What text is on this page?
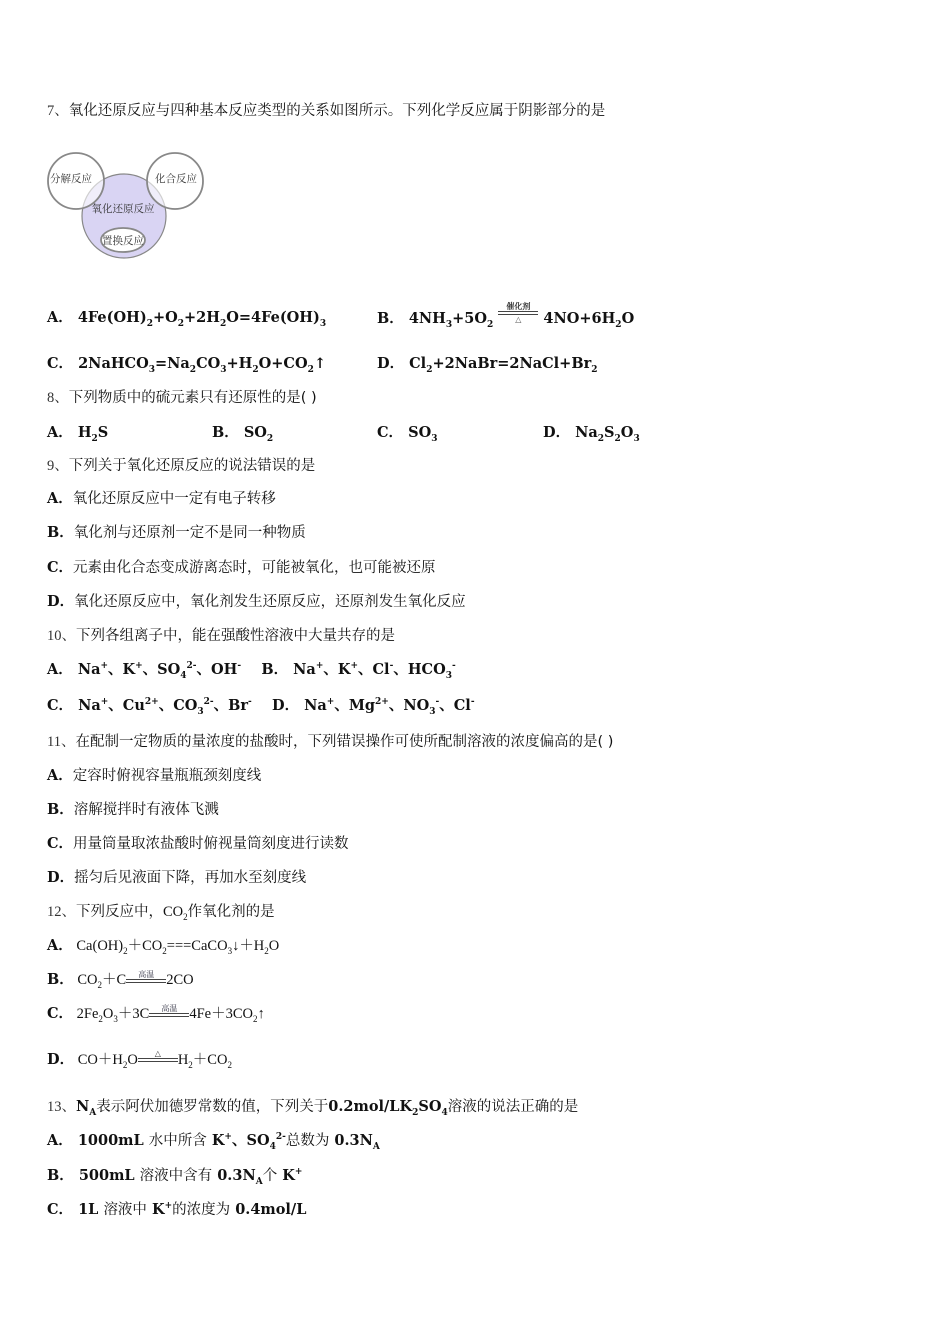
7、氧化还原反应与四种基本反应类型的关系如图所示。下列化学反应属于阴影部分的是
分解反应	化合反应
氧化还原反应
置换反应
A． $4Fe(OH)_2+O_2+2H_2O=4Fe(OH)_3$	B． $4NH_3+5O_2$
催化剂
△	$4NO+6H_2O$
C． $2NaHCO_3=Na_2CO_3+H_2O+CO_2↑$	D． $Cl_2+2NaBr=2NaCl+Br_2$
8、下列物质中的硫元素只有还原性的是( )
A． $H_2S$	B． $SO_2$	C． $SO_3$	D． $Na_2S_2O_3$
9、下列关于氧化还原反应的说法错误的是
A．氧化还原反应中一定有电子转移
B．氧化剂与还原剂一定不是同一种物质
C．元素由化合态变成游离态时，可能被氧化，也可能被还原
D．氧化还原反应中，氧化剂发生还原反应，还原剂发生氧化反应
10、下列各组离子中，能在强酸性溶液中大量共存的是
A． Na+、K+、$SO_4^{2-}$、OH- B． Na+、K+、Cl-、$HCO_3^-$
C． Na+、$Cu^{2+}$、$CO_3^{2-}$、Br- D． Na+、$Mg^{2+}$、$NO_3^-$、Cl-
11、在配制一定物质的量浓度的盐酸时，下列错误操作可使所配制溶液的浓度偏高的是( )
A．定容时俯视容量瓶瓶颈刻度线
B．溶解搅拌时有液体飞溅
C．用量筒量取浓盐酸时俯视量筒刻度进行读数
D．摇匀后见液面下降，再加水至刻度线
12、下列反应中，$CO_2$作氧化剂的是
A． $Ca(OH)_2+CO_2===CaCO_3↓+H_2O$
B． $CO_2+C$	高温 2CO
C． $2Fe_2O_3+3C$	高温 $4Fe+3CO_2↑$
D． $CO+H_2O$	△	$H_2+CO_2$
13、$N_A$表示阿伏加德罗常数的值，下列关于$0.2mol/LK_2SO_4$溶液的说法正确的是
A． 1000mL 水中所含 K+、$SO_4^{2-}$总数为 $0.3N_A$
B． 500mL 溶液中含有 $0.3N_A$个 K+
C． 1L 溶液中 K+的浓度为 0.4mol/L
